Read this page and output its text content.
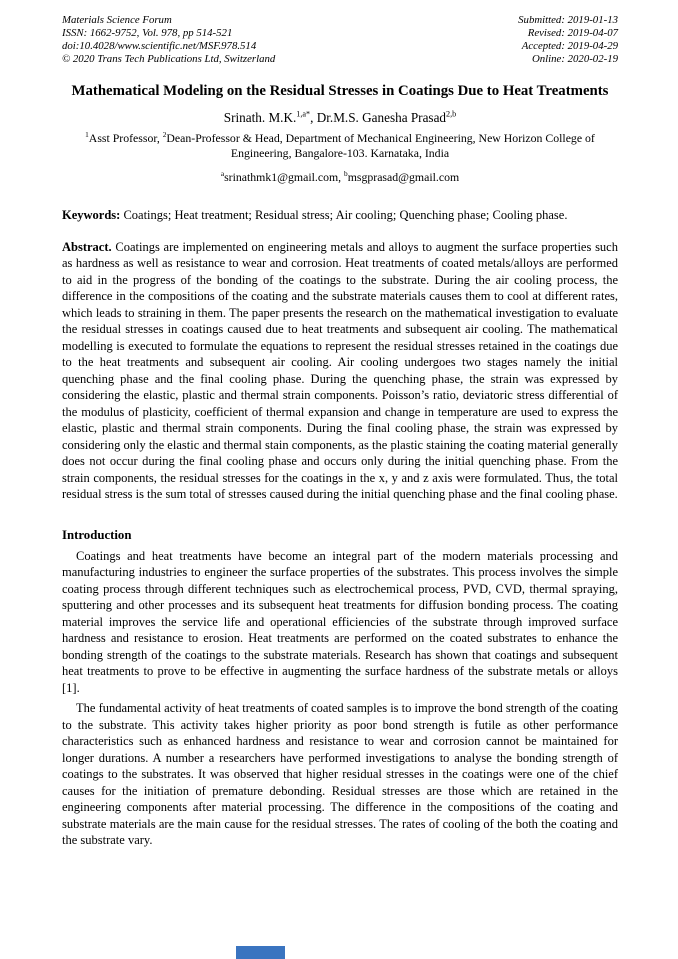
Materials Science Forum
ISSN: 1662-9752, Vol. 978, pp 514-521
doi:10.4028/www.scientific.net/MSF.978.514
© 2020 Trans Tech Publications Ltd, Switzerland
Submitted: 2019-01-13
Revised: 2019-04-07
Accepted: 2019-04-29
Online: 2020-02-19
Mathematical Modeling on the Residual Stresses in Coatings Due to Heat Treatments
Srinath. M.K.$^{1,a*}$, Dr.M.S. Ganesha Prasad$^{2,b}$
$^1$Asst Professor, $^2$Dean-Professor & Head, Department of Mechanical Engineering, New Horizon College of Engineering, Bangalore-103. Karnataka, India
$^a$srinathmk1@gmail.com, $^b$msgprasad@gmail.com
Keywords: Coatings; Heat treatment; Residual stress; Air cooling; Quenching phase; Cooling phase.
Abstract. Coatings are implemented on engineering metals and alloys to augment the surface properties such as hardness as well as resistance to wear and corrosion. Heat treatments of coated metals/alloys are performed to aid in the progress of the bonding of the coatings to the substrate. During the air cooling process, the difference in the compositions of the coating and the substrate materials causes them to cool at different rates, which leads to straining in them. The paper presents the research on the mathematical investigation to evaluate the residual stresses in coatings caused due to heat treatments and subsequent air cooling. The mathematical modelling is executed to formulate the equations to represent the residual stresses retained in the coatings due to the heat treatments and subsequent air cooling. Air cooling undergoes two stages namely the initial quenching phase and the final cooling phase. During the quenching phase, the strain was expressed by considering the elastic, plastic and thermal strain components. Poisson’s ratio, deviatoric stress differential of the modulus of plasticity, coefficient of thermal expansion and change in temperature are used to express the elastic, plastic and thermal strain components. During the final cooling phase, the strain was expressed by considering only the elastic and thermal stain components, as the plastic staining the coating material generally does not occur during the final cooling phase and occurs only during the initial quenching phase. From the strain components, the residual stresses for the coatings in the x, y and z axis were formulated. Thus, the total residual stress is the sum total of stresses caused during the initial quenching phase and the final cooling phase.
Introduction

Coatings and heat treatments have become an integral part of the modern materials processing and manufacturing industries to engineer the surface properties of the substrates. This process involves the simple coating process through different techniques such as electrochemical process, PVD, CVD, thermal spraying, sputtering and other processes and its subsequent heat treatments for diffusion bonding process. The coating material improves the service life and operational efficiencies of the substrate through improved surface hardness and resistance to erosion. Heat treatments are performed on the coated substrates to enhance the bonding strength of the coatings to the substrate materials. Research has shown that coatings and subsequent heat treatments to prove to be effective in augmenting the surface hardness of the substrate metals or alloys [1].

The fundamental activity of heat treatments of coated samples is to improve the bond strength of the coating to the substrate. This activity takes higher priority as poor bond strength is futile as other performance characteristics such as enhanced hardness and resistance to wear and corrosion cannot be maintained for longer durations. A number a researchers have performed investigations to analyse the bonding strength of coatings to the substrates. It was observed that higher residual stresses in the coatings were one of the chief causes for the initiation of premature debonding. Residual stresses are those which are retained in the engineering components after material processing. The difference in the compositions of the coating and substrate materials are the main cause for the residual stresses. The rates of cooling of the both the coating and the substrate vary.
